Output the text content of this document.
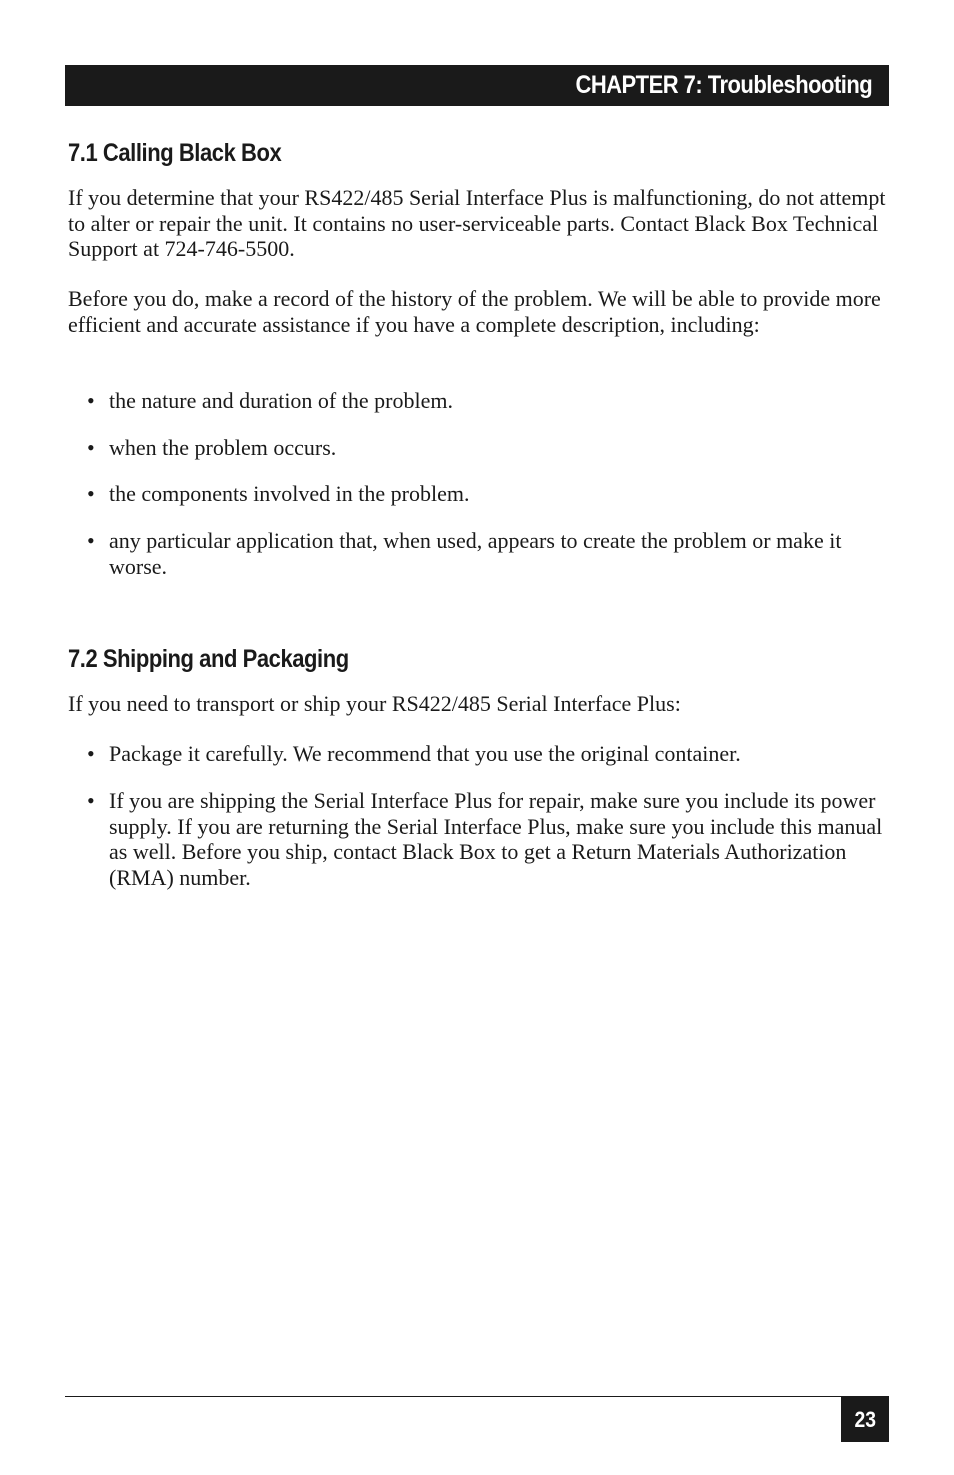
CHAPTER 7: Troubleshooting
7.1 Calling Black Box

If you determine that your RS422/485 Serial Interface Plus is malfunctioning, do not attempt to alter or repair the unit. It contains no user-serviceable parts. Contact Black Box Technical Support at 724-746-5500.

Before you do, make a record of the history of the problem. We will be able to provide more efficient and accurate assistance if you have a complete description, including:

• the nature and duration of the problem.
• when the problem occurs.
• the components involved in the problem.
• any particular application that, when used, appears to create the problem or make it worse.
7.2 Shipping and Packaging

If you need to transport or ship your RS422/485 Serial Interface Plus:

• Package it carefully. We recommend that you use the original container.
• If you are shipping the Serial Interface Plus for repair, make sure you include its power supply. If you are returning the Serial Interface Plus, make sure you include this manual as well. Before you ship, contact Black Box to get a Return Materials Authorization (RMA) number.
23
